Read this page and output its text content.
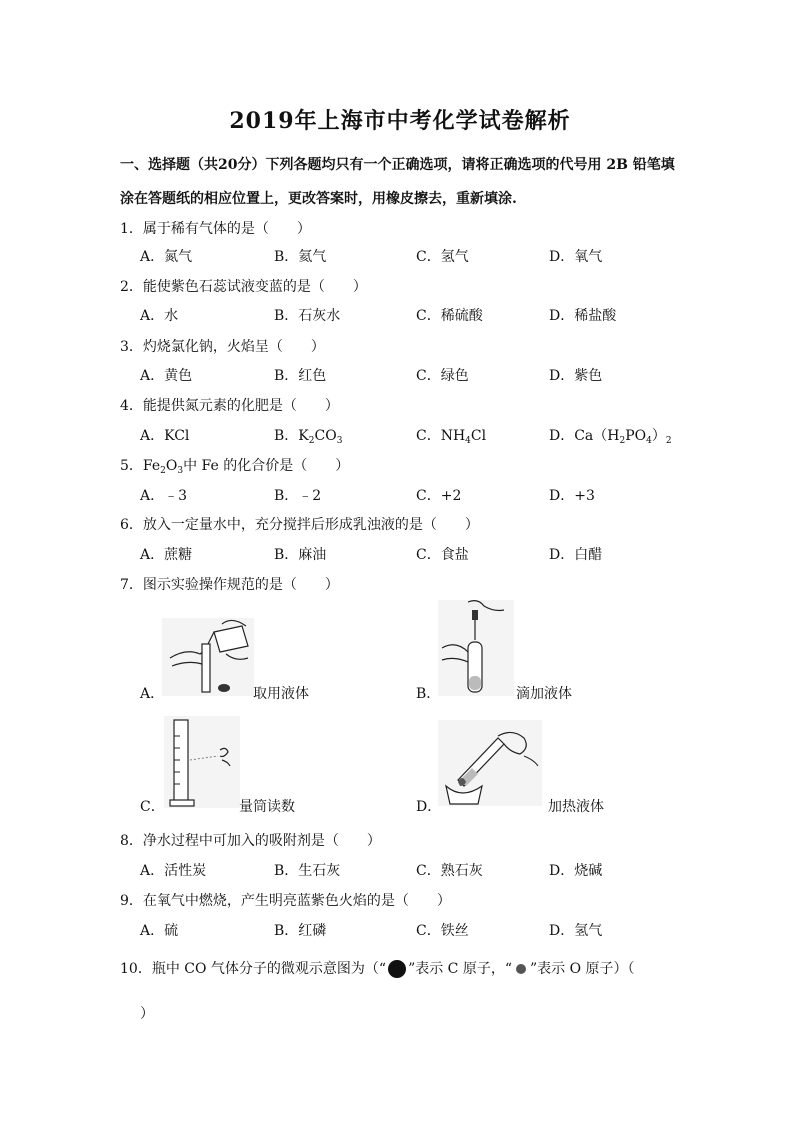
2019年上海市中考化学试卷解析
一、选择题（共20分）下列各题均只有一个正确选项，请将正确选项的代号用 2B 铅笔填
涂在答题纸的相应位置上，更改答案时，用橡皮擦去，重新填涂.
1．属于稀有气体的是（　　）
A．氮气	B．氦气	C．氢气	D．氧气
2．能使紫色石蕊试液变蓝的是（　　）
A．水	B．石灰水	C．稀硫酸	D．稀盐酸
3．灼烧氯化钠，火焰呈（　　）
A．黄色	B．红色	C．绿色	D．紫色
4．能提供氮元素的化肥是（　　）
A．KCl	B．$K_2CO_3$	C．$NH_4Cl$	D．$Ca(H_2PO_4)_2$
5．$Fe_2O_3$中 Fe 的化合价是（　　）
A．﹣3	B．﹣2	C．+2	D．+3
6．放入一定量水中，充分搅拌后形成乳浊液的是（　　）
A．蔗糖	B．麻油	C．食盐	D．白醋
7．图示实验操作规范的是（　　）
A．	取用液体	B．	滴加液体
C．	量筒读数	D．	加热液体
8．净水过程中可加入的吸附剂是（　　）
A．活性炭	B．生石灰	C．熟石灰	D．烧碱
9．在氧气中燃烧，产生明亮蓝紫色火焰的是（　　）
A．硫	B．红磷	C．铁丝	D．氢气
10．瓶中 CO 气体分子的微观示意图为（“ ”表示 C 原子，“ ”表示 O 原子）（
）
